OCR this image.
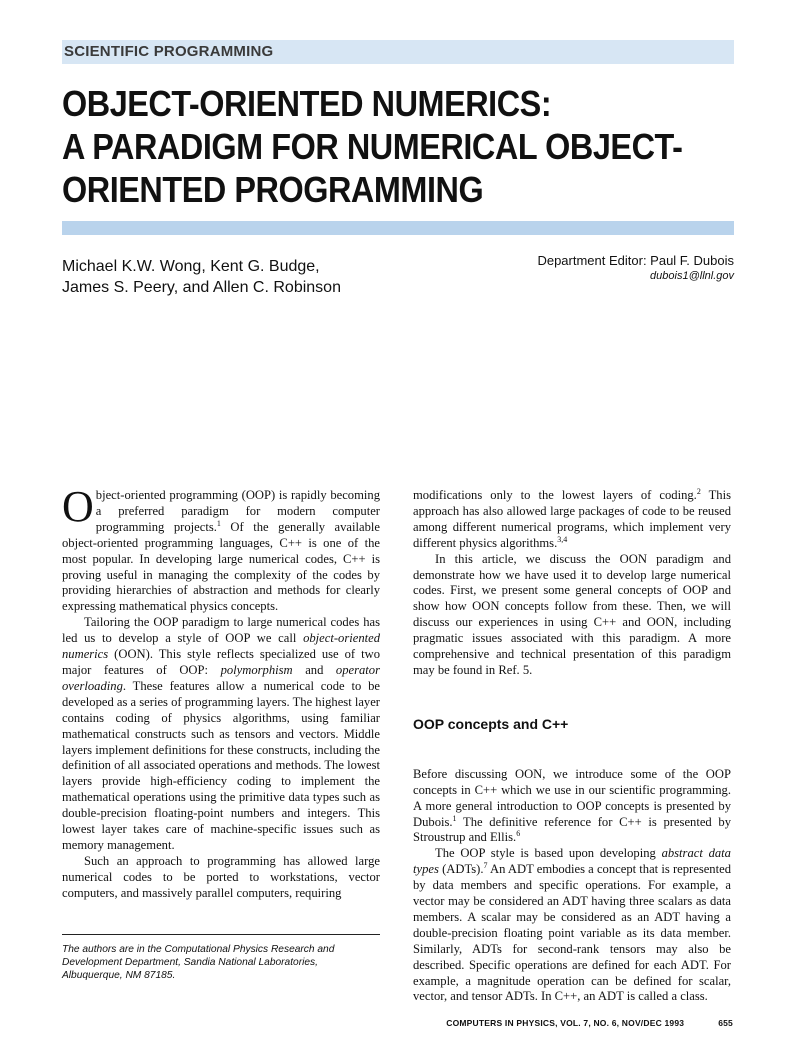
SCIENTIFIC PROGRAMMING
OBJECT-ORIENTED NUMERICS:
A PARADIGM FOR NUMERICAL OBJECT-
ORIENTED PROGRAMMING
Michael K.W. Wong, Kent G. Budge,
James S. Peery, and Allen C. Robinson
Department Editor: Paul F. Dubois
dubois1@llnl.gov

Object-oriented programming (OOP) is rapidly becoming a preferred paradigm for modern computer programming projects.$^1$ Of the generally available object-oriented programming languages, C++ is one of the most popular. In developing large numerical codes, C++ is proving useful in managing the complexity of the codes by providing hierarchies of abstraction and methods for clearly expressing mathematical physics concepts.

Tailoring the OOP paradigm to large numerical codes has led us to develop a style of OOP we call object-oriented numerics (OON). This style reflects specialized use of two major features of OOP: polymorphism and operator overloading. These features allow a numerical code to be developed as a series of programming layers. The highest layer contains coding of physics algorithms, using familiar mathematical constructs such as tensors and vectors. Middle layers implement definitions for these constructs, including the definition of all associated operations and methods. The lowest layers provide high-efficiency coding to implement the mathematical operations using the primitive data types such as double-precision floating-point numbers and integers. This lowest layer takes care of machine-specific issues such as memory management.

Such an approach to programming has allowed large numerical codes to be ported to workstations, vector computers, and massively parallel computers, requiring

modifications only to the lowest layers of coding.$^2$ This approach has also allowed large packages of code to be reused among different numerical programs, which implement very different physics algorithms.$^{3,4}$

In this article, we discuss the OON paradigm and demonstrate how we have used it to develop large numerical codes. First, we present some general concepts of OOP and show how OON concepts follow from these. Then, we will discuss our experiences in using C++ and OON, including pragmatic issues associated with this paradigm. A more comprehensive and technical presentation of this paradigm may be found in Ref. 5.

OOP concepts and C++

Before discussing OON, we introduce some of the OOP concepts in C++ which we use in our scientific programming. A more general introduction to OOP concepts is presented by Dubois.$^1$ The definitive reference for C++ is presented by Stroustrup and Ellis.$^6$

The OOP style is based upon developing abstract data types (ADTs).$^7$ An ADT embodies a concept that is represented by data members and specific operations. For example, a vector may be considered an ADT having three scalars as data members. A scalar may be considered as an ADT having a double-precision floating point variable as its data member. Similarly, ADTs for second-rank tensors may also be described. Specific operations are defined for each ADT. For example, a magnitude operation can be defined for scalar, vector, and tensor ADTs. In C++, an ADT is called a class.

The authors are in the Computational Physics Research and Development Department, Sandia National Laboratories, Albuquerque, NM 87185.
COMPUTERS IN PHYSICS, VOL. 7, NO. 6, NOV/DEC 1993	655
